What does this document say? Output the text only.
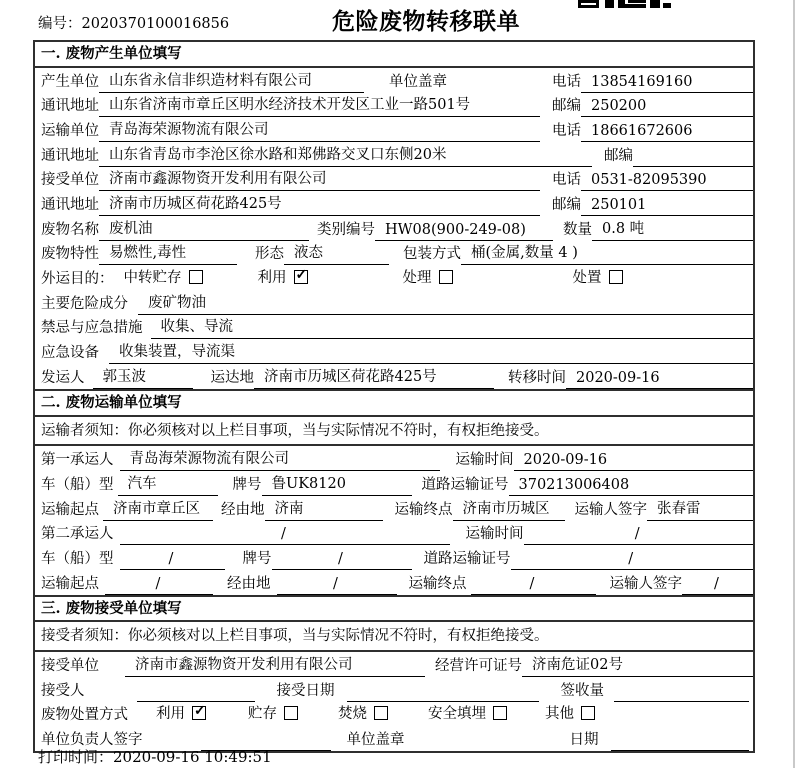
编号：2020370100016856	危险废物转移联单
一. 废物产生单位填写
产生单位 山东省永信非织造材料有限公司	单位盖章	电话 13854169160
通讯地址 山东省济南市章丘区明水经济技术开发区工业一路501号	邮编 250200
运输单位 青岛海荣源物流有限公司	电话 18661672606
通讯地址 山东省青岛市李沧区徐水路和郑佛路交叉口东侧20米	邮编
接受单位 济南市鑫源物资开发利用有限公司	电话 0531-82095390
通讯地址 济南市历城区荷花路425号	邮编 250101
废物名称 废机油	类别编号 HW08(900-249-08)	数量 0.8 吨
废物特性 易燃性,毒性	形态 液态	包装方式 桶(金属,数量 4 )
外运目的： 中转贮存	利用 ✓	处理	处置
主要危险成分	废矿物油
禁忌与应急措施	收集、导流
应急设备	收集装置，导流渠
发运人	郭玉波	运达地 济南市历城区荷花路425号	转移时间 2020-09-16
二. 废物运输单位填写
运输者须知：你必须核对以上栏目事项，当与实际情况不符时，有权拒绝接受。
第一承运人	青岛海荣源物流有限公司	运输时间 2020-09-16
车（船）型 汽车	牌号 鲁UK8120	道路运输证号 370213006408
运输起点 济南市章丘区	经由地 济南	运输终点 济南市历城区	运输人签字 张春雷
第二承运人	/	运输时间	/
车（船）型	/	牌号	/	道路运输证号	/
运输起点	/	经由地	/	运输终点	/	运输人签字	/
三. 废物接受单位填写
接受者须知：你必须核对以上栏目事项，当与实际情况不符时，有权拒绝接受。
接受单位	济南市鑫源物资开发利用有限公司	经营许可证号 济南危证02号
接受人	接受日期	签收量
废物处置方式 利用 ✓	贮存	焚烧	安全填埋	其他
单位负责人签字	单位盖章	日期
打印时间：2020-09-16 10:49:51
